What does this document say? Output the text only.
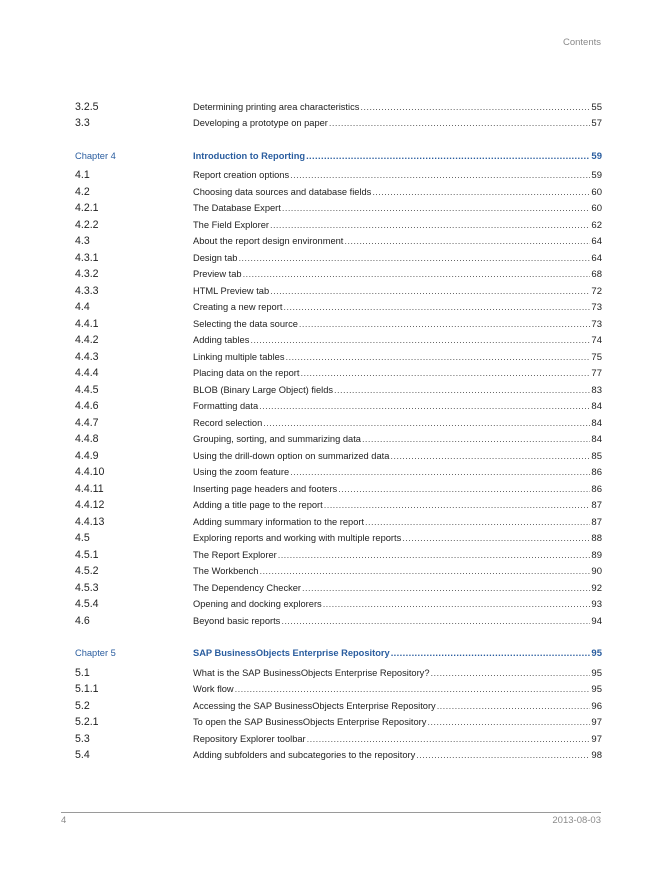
Contents
3.2.5	Determining printing area characteristics .....	55
3.3	Developing a prototype on paper .....	57
Chapter 4	Introduction to Reporting .....	59
4.1	Report creation options .....	59
4.2	Choosing data sources and database fields .....	60
4.2.1	The Database Expert .....	60
4.2.2	The Field Explorer .....	62
4.3	About the report design environment .....	64
4.3.1	Design tab .....	64
4.3.2	Preview tab .....	68
4.3.3	HTML Preview tab .....	72
4.4	Creating a new report .....	73
4.4.1	Selecting the data source .....	73
4.4.2	Adding tables .....	74
4.4.3	Linking multiple tables .....	75
4.4.4	Placing data on the report .....	77
4.4.5	BLOB (Binary Large Object) fields .....	83
4.4.6	Formatting data .....	84
4.4.7	Record selection .....	84
4.4.8	Grouping, sorting, and summarizing data .....	84
4.4.9	Using the drill-down option on summarized data .....	85
4.4.10	Using the zoom feature .....	86
4.4.11	Inserting page headers and footers .....	86
4.4.12	Adding a title page to the report .....	87
4.4.13	Adding summary information to the report .....	87
4.5	Exploring reports and working with multiple reports .....	88
4.5.1	The Report Explorer .....	89
4.5.2	The Workbench .....	90
4.5.3	The Dependency Checker .....	92
4.5.4	Opening and docking explorers .....	93
4.6	Beyond basic reports .....	94
Chapter 5	SAP BusinessObjects Enterprise Repository .....	95
5.1	What is the SAP BusinessObjects Enterprise Repository? .....	95
5.1.1	Work flow .....	95
5.2	Accessing the SAP BusinessObjects Enterprise Repository .....	96
5.2.1	To open the SAP BusinessObjects Enterprise Repository .....	97
5.3	Repository Explorer toolbar .....	97
5.4	Adding subfolders and subcategories to the repository .....	98
4	2013-08-03
